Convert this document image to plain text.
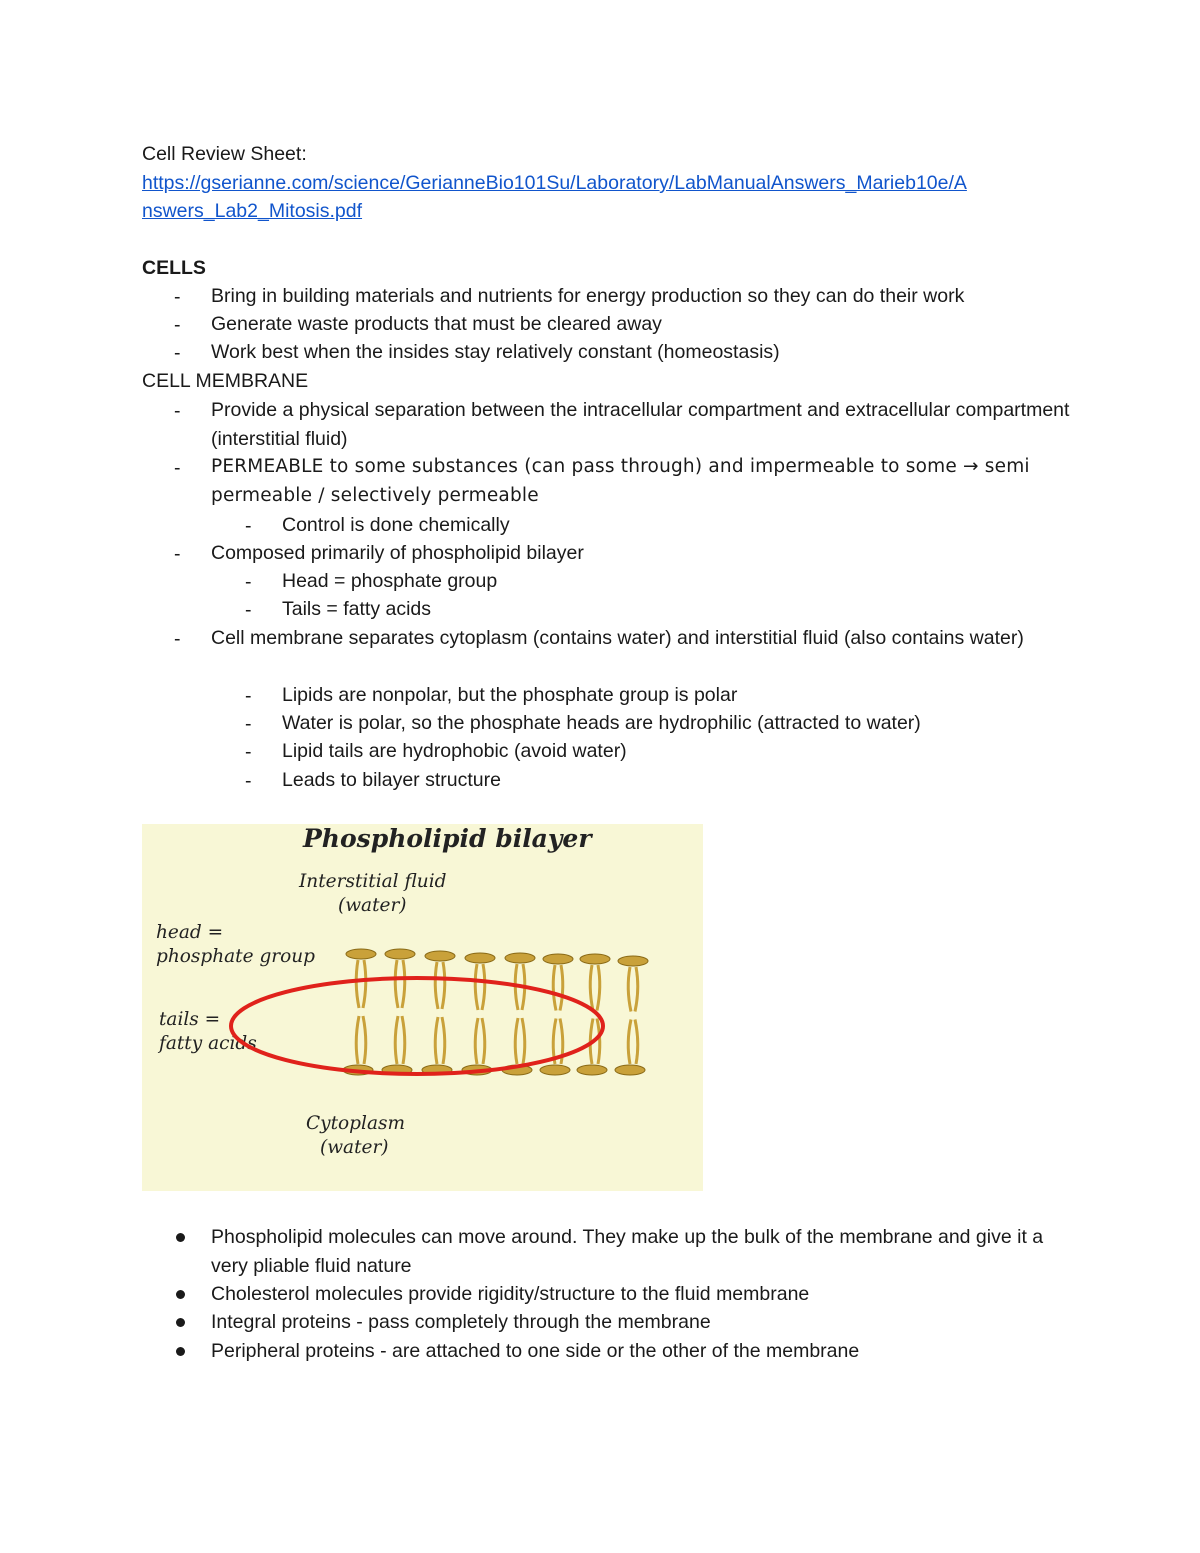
Cell Review Sheet:
https://gserianne.com/science/GerianneBio101Su/Laboratory/LabManualAnswers_Marieb10e/A
nswers_Lab2_Mitosis.pdf
CELLS
- Bring in building materials and nutrients for energy production so they can do their work
- Generate waste products that must be cleared away
- Work best when the insides stay relatively constant (homeostasis)
CELL MEMBRANE
- Provide a physical separation between the intracellular compartment and extracellular compartment (interstitial fluid)
- PERMEABLE to some substances (can pass through) and impermeable to some → semi permeable / selectively permeable
- Control is done chemically
- Composed primarily of phospholipid bilayer
- Head = phosphate group
- Tails = fatty acids
- Cell membrane separates cytoplasm (contains water) and interstitial fluid (also contains water)
- Lipids are nonpolar, but the phosphate group is polar
- Water is polar, so the phosphate heads are hydrophilic (attracted to water)
- Lipid tails are hydrophobic (avoid water)
- Leads to bilayer structure
Phospholipid bilayer
Interstitial fluid
(water)
head =
phosphate group
tails =
fatty acids
Cytoplasm
(water)
Phospholipid molecules can move around. They make up the bulk of the membrane and give it a very pliable fluid nature
Cholesterol molecules provide rigidity/structure to the fluid membrane
Integral proteins - pass completely through the membrane
Peripheral proteins - are attached to one side or the other of the membrane
